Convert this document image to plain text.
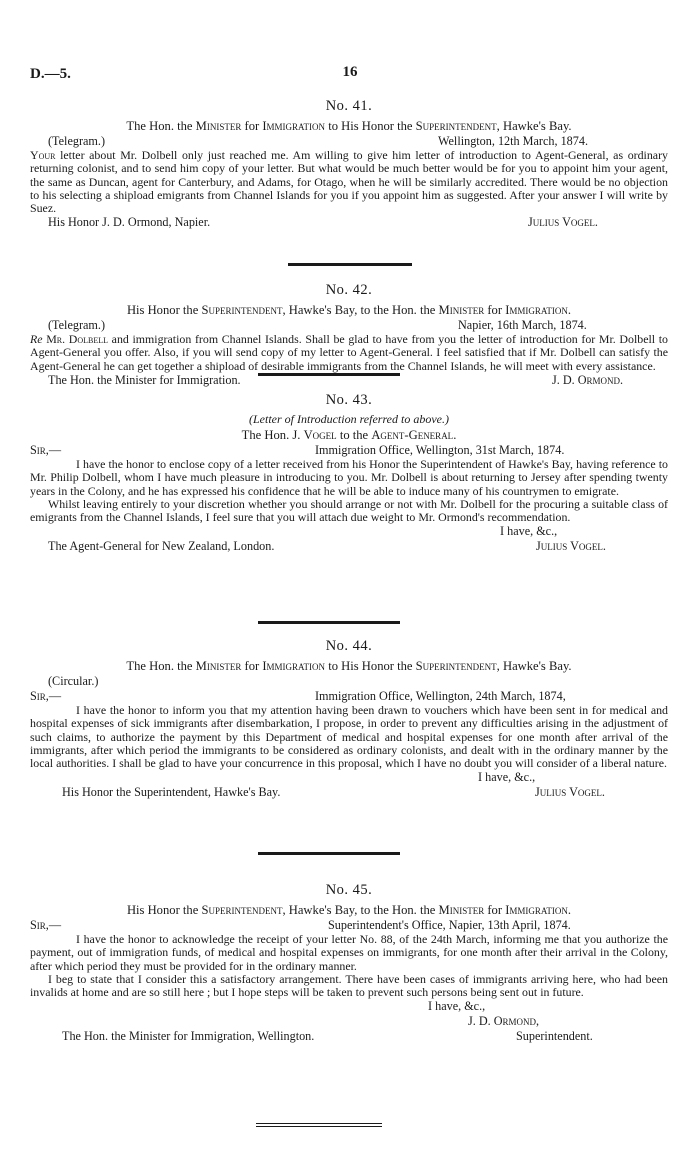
D.—5.	16
No. 41.
The Hon. the Minister for Immigration to His Honor the Superintendent, Hawke's Bay.
(Telegram.)	Wellington, 12th March, 1874.
Your letter about Mr. Dolbell only just reached me. Am willing to give him letter of introduction to Agent-General, as ordinary returning colonist, and to send him copy of your letter. But what would be much better would be for you to appoint him your agent, the same as Duncan, agent for Canterbury, and Adams, for Otago, when he will be similarly accredited. There would be no objection to his selecting a shipload emigrants from Channel Islands for you if you appoint him as suggested. After your answer I will write by Suez.
His Honor J. D. Ormond, Napier.	Julius Vogel.
No. 42.
His Honor the Superintendent, Hawke's Bay, to the Hon. the Minister for Immigration.
(Telegram.)	Napier, 16th March, 1874.
Re Mr. Dolbell and immigration from Channel Islands. Shall be glad to have from you the letter of introduction for Mr. Dolbell to Agent-General you offer. Also, if you will send copy of my letter to Agent-General. I feel satisfied that if Mr. Dolbell can satisfy the Agent-General he can get together a shipload of desirable immigrants from the Channel Islands, he will meet with every assistance.
The Hon. the Minister for Immigration.	J. D. Ormond.
No. 43.
(Letter of Introduction referred to above.)
The Hon. J. Vogel to the Agent-General.
Sir,—	Immigration Office, Wellington, 31st March, 1874.

I have the honor to enclose copy of a letter received from his Honor the Superintendent of Hawke's Bay, having reference to Mr. Philip Dolbell, whom I have much pleasure in introducing to you. Mr. Dolbell is about returning to Jersey after spending twenty years in the Colony, and he has expressed his confidence that he will be able to induce many of his countrymen to emigrate.

Whilst leaving entirely to your discretion whether you should arrange or not with Mr. Dolbell for the procuring a suitable class of emigrants from the Channel Islands, I feel sure that you will attach due weight to Mr. Ormond's recommendation.

I have, &c.,
The Agent-General for New Zealand, London.	Julius Vogel.
No. 44.
The Hon. the Minister for Immigration to His Honor the Superintendent, Hawke's Bay.
(Circular.)
Sir,—	Immigration Office, Wellington, 24th March, 1874,

I have the honor to inform you that my attention having been drawn to vouchers which have been sent in for medical and hospital expenses of sick immigrants after disembarkation, I propose, in order to prevent any difficulties arising in the adjustment of such claims, to authorize the payment by this Department of medical and hospital expenses for one month after arrival of the immigrants, after which period the immigrants to be considered as ordinary colonists, and dealt with in the ordinary manner by the local authorities. I shall be glad to have your concurrence in this proposal, which I have no doubt you will consider of a liberal nature.

I have, &c.,
His Honor the Superintendent, Hawke's Bay.	Julius Vogel.
No. 45.
His Honor the Superintendent, Hawke's Bay, to the Hon. the Minister for Immigration.
Sir,—	Superintendent's Office, Napier, 13th April, 1874.

I have the honor to acknowledge the receipt of your letter No. 88, of the 24th March, informing me that you authorize the payment, out of immigration funds, of medical and hospital expenses on immigrants, for one month after their arrival in the Colony, after which period they must be provided for in the ordinary manner.

I beg to state that I consider this a satisfactory arrangement. There have been cases of immigrants arriving here, who had been invalids at home and are so still here ; but I hope steps will be taken to prevent such persons being sent out in future.

I have, &c.,
J. D. Ormond,
The Hon. the Minister for Immigration, Wellington.	Superintendent.
